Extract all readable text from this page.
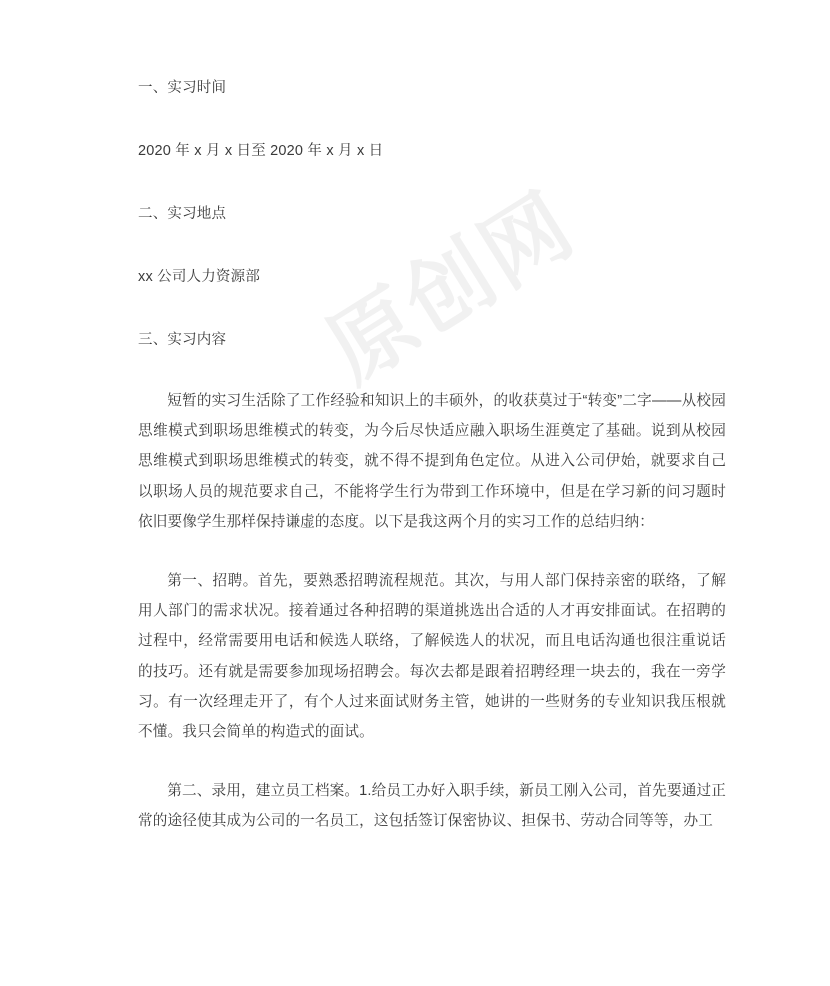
原创网

一、实习时间

2020 年 x 月 x 日至 2020 年 x 月 x 日

二、实习地点

xx 公司人力资源部

三、实习内容

短暂的实习生活除了工作经验和知识上的丰硕外，的收获莫过于“转变”二字——从校园思维模式到职场思维模式的转变，为今后尽快适应融入职场生涯奠定了基础。说到从校园思维模式到职场思维模式的转变，就不得不提到角色定位。从进入公司伊始，就要求自己以职场人员的规范要求自己，不能将学生行为带到工作环境中，但是在学习新的问习题时依旧要像学生那样保持谦虚的态度。以下是我这两个月的实习工作的总结归纳：

第一、招聘。首先，要熟悉招聘流程规范。其次，与用人部门保持亲密的联络，了解用人部门的需求状况。接着通过各种招聘的渠道挑选出合适的人才再安排面试。在招聘的过程中，经常需要用电话和候选人联络，了解候选人的状况，而且电话沟通也很注重说话的技巧。还有就是需要参加现场招聘会。每次去都是跟着招聘经理一块去的，我在一旁学习。有一次经理走开了，有个人过来面试财务主管，她讲的一些财务的专业知识我压根就不懂。我只会简单的构造式的面试。

第二、录用，建立员工档案。1.给员工办好入职手续，新员工刚入公司，首先要通过正常的途径使其成为公司的一名员工，这包括签订保密协议、担保书、劳动合同等等，办工
